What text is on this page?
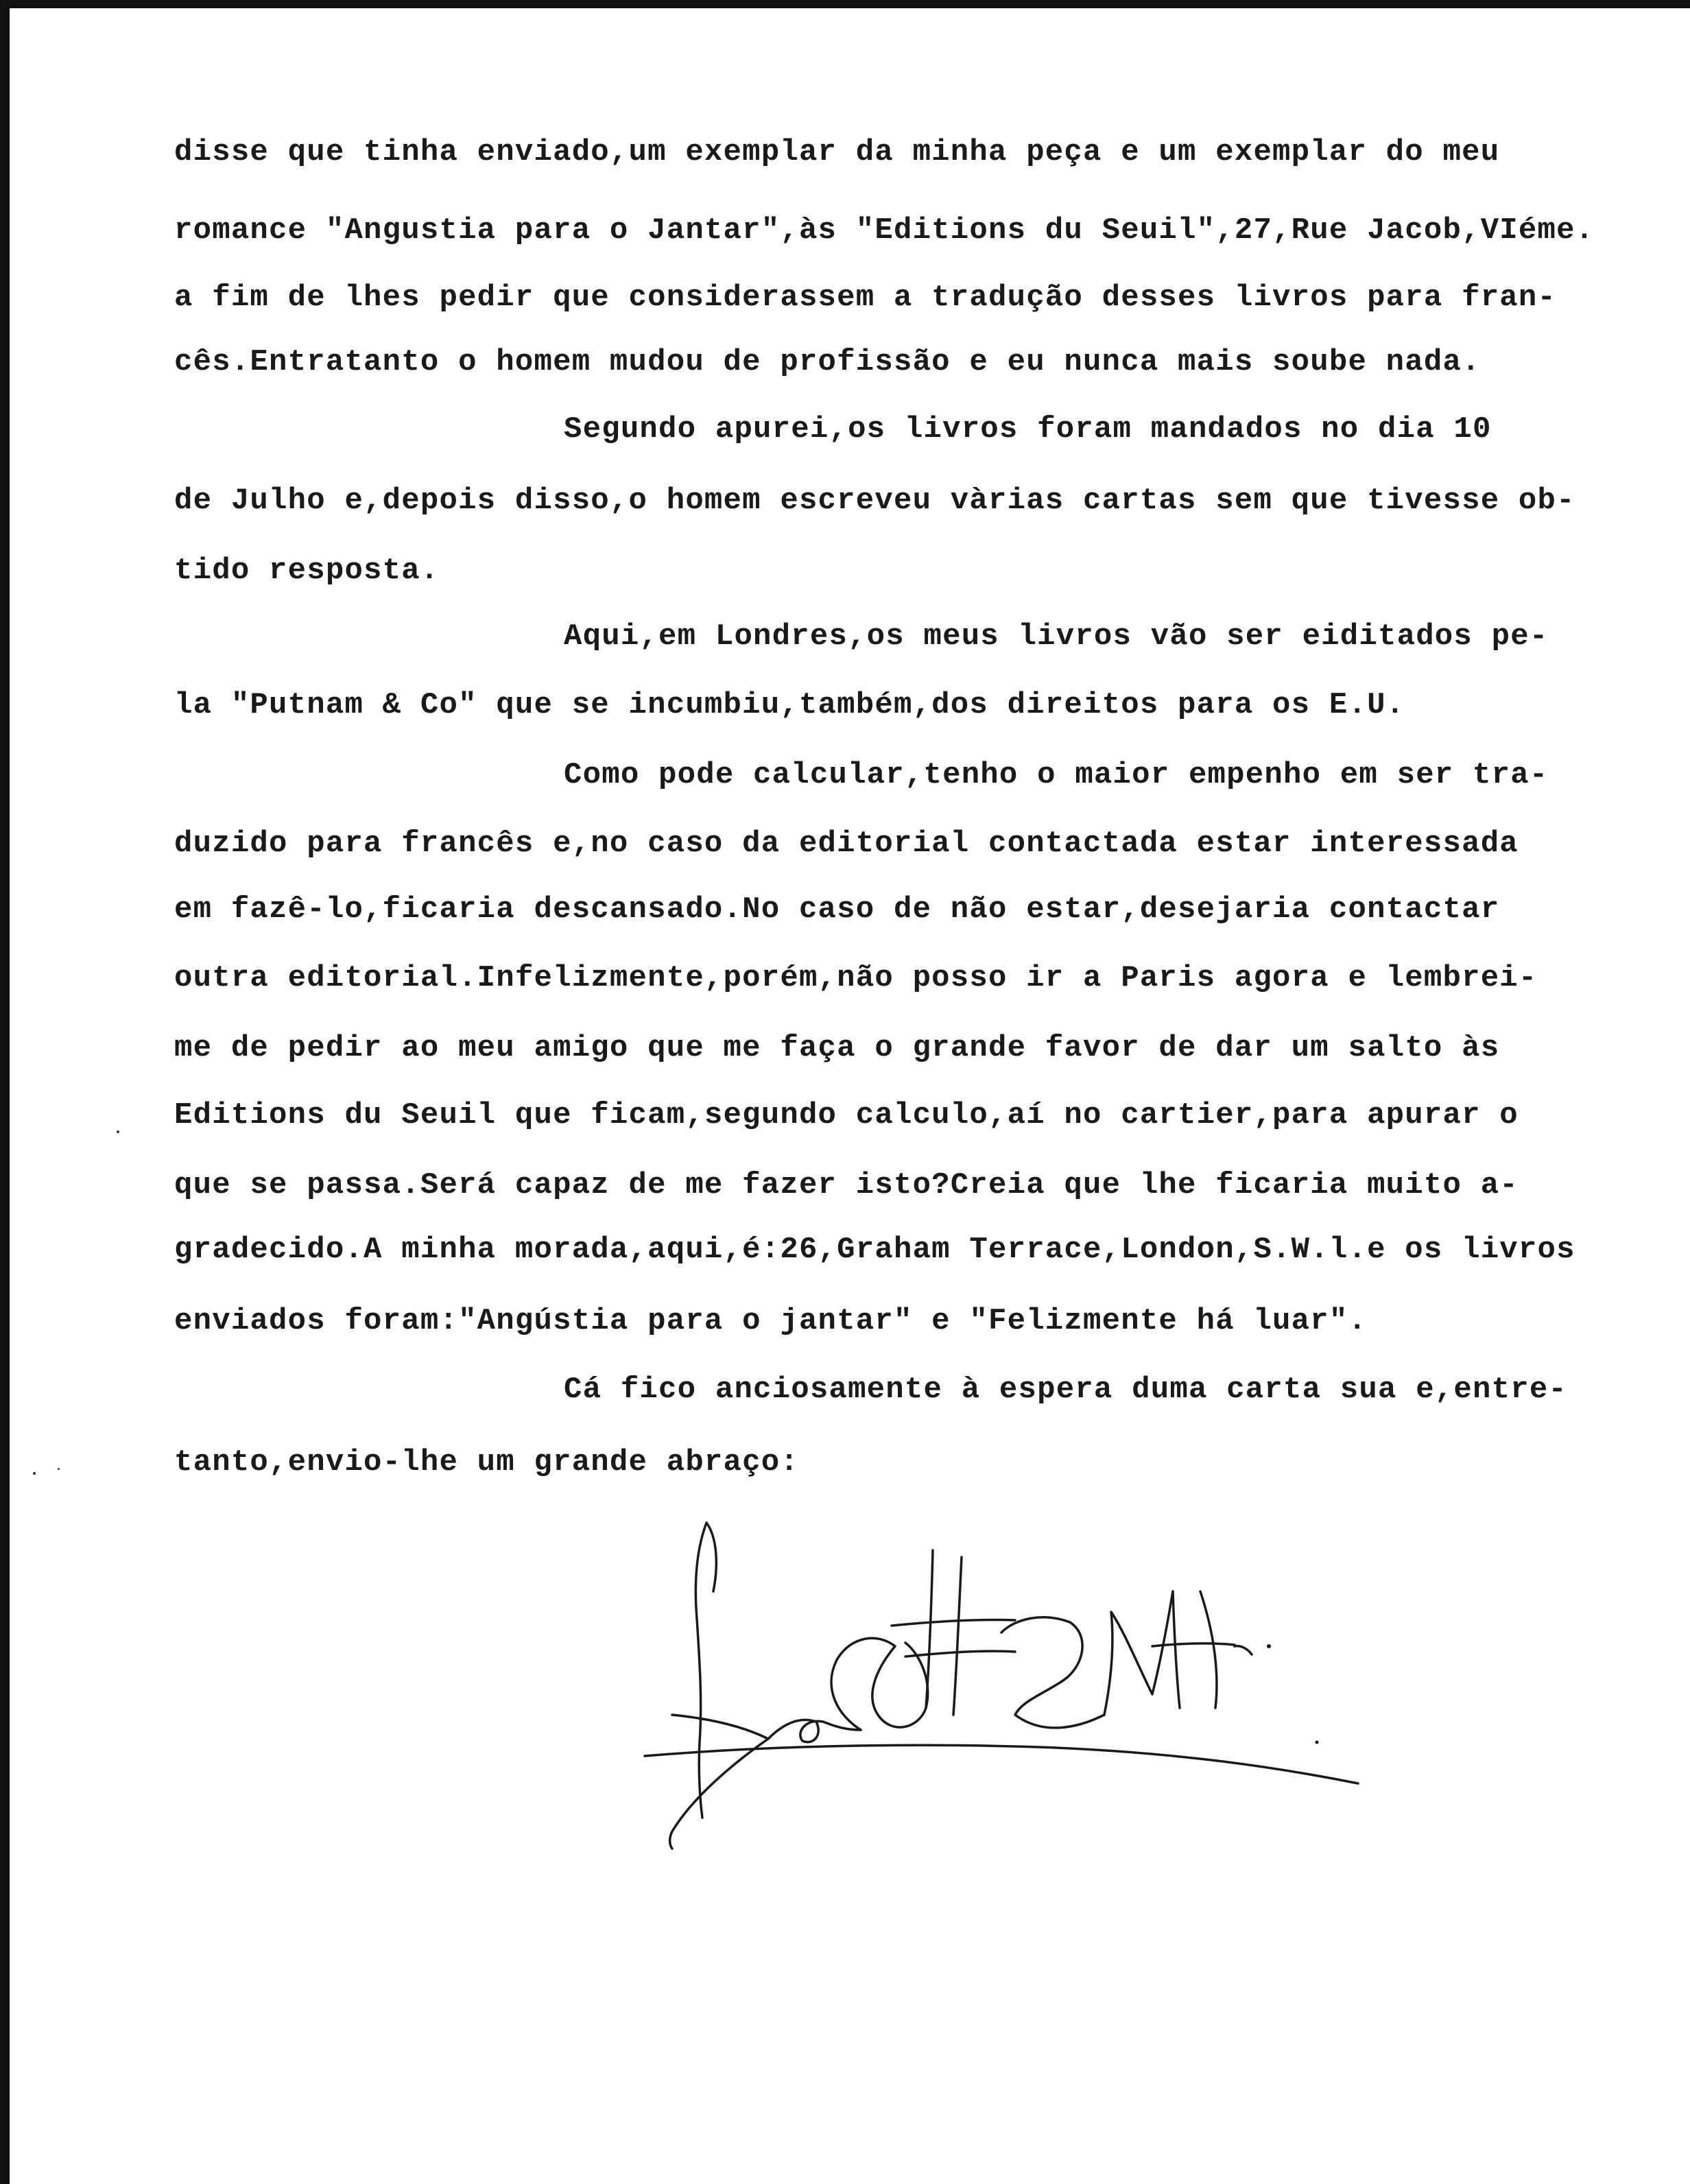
disse que tinha enviado,um exemplar da minha peça e um exemplar do meu
romance "Angustia para o Jantar",às "Editions du Seuil",27,Rue Jacob,VIéme.
a fim de lhes pedir que considerassem a tradução desses livros para fran-
cês.Entratanto o homem mudou de profissão e eu nunca mais soube nada.
Segundo apurei,os livros foram mandados no dia 10
de Julho e,depois disso,o homem escreveu vàrias cartas sem que tivesse ob-
tido resposta.
Aqui,em Londres,os meus livros vão ser eiditados pe-
la "Putnam & Co" que se incumbiu,também,dos direitos para os E.U.
Como pode calcular,tenho o maior empenho em ser tra-
duzido para francês e,no caso da editorial contactada estar interessada
em fazê-lo,ficaria descansado.No caso de não estar,desejaria contactar
outra editorial.Infelizmente,porém,não posso ir a Paris agora e lembrei-
me de pedir ao meu amigo que me faça o grande favor de dar um salto às
Editions du Seuil que ficam,segundo calculo,aí no cartier,para apurar o
que se passa.Será capaz de me fazer isto?Creia que lhe ficaria muito a-
gradecido.A minha morada,aqui,é:26,Graham Terrace,London,S.W.l.e os livros
enviados foram:"Angústia para o jantar" e "Felizmente há luar".
Cá fico anciosamente à espera duma carta sua e,entre-
tanto,envio-lhe um grande abraço:
